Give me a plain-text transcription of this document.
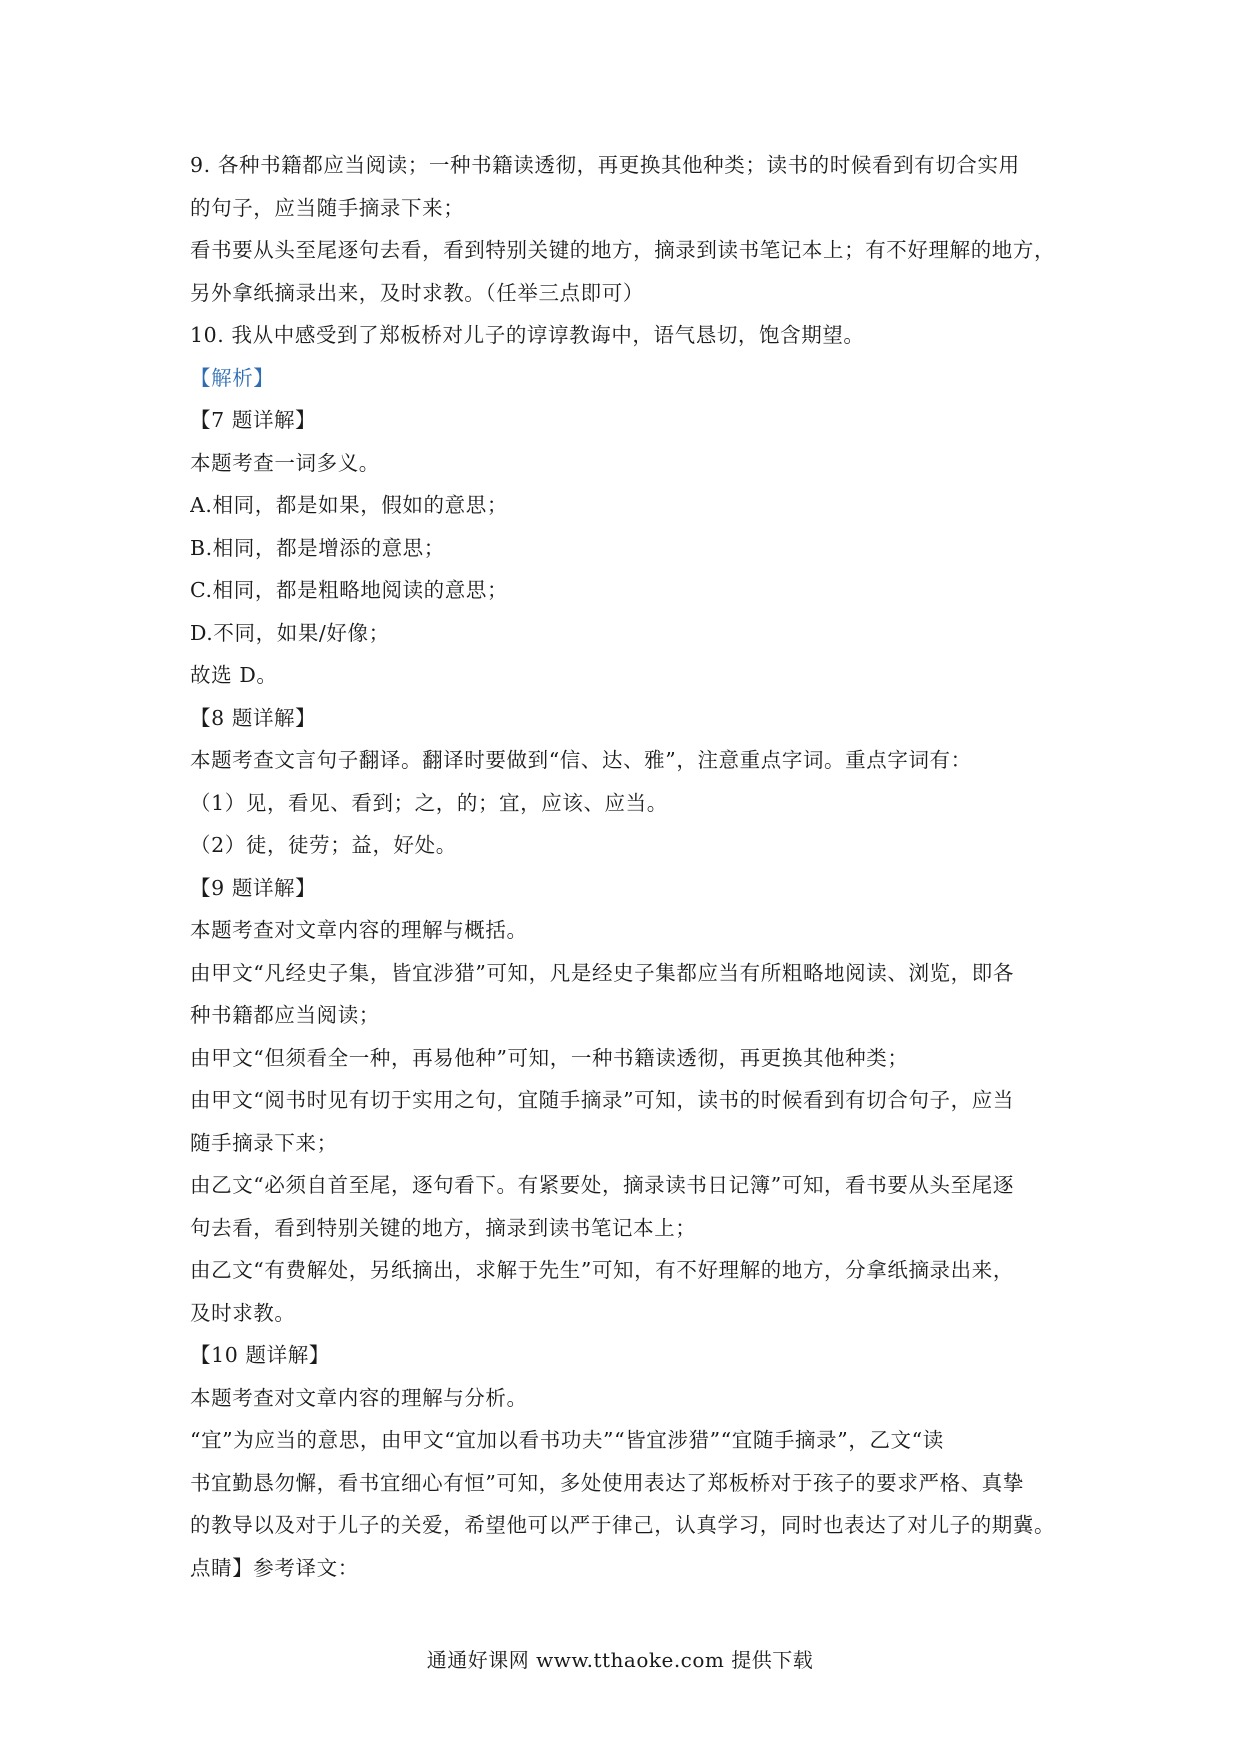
9. 各种书籍都应当阅读；一种书籍读透彻，再更换其他种类；读书的时候看到有切合实用
的句子，应当随手摘录下来；
看书要从头至尾逐句去看，看到特别关键的地方，摘录到读书笔记本上；有不好理解的地方，
另外拿纸摘录出来，及时求教。（任举三点即可）
10. 我从中感受到了郑板桥对儿子的谆谆教诲中，语气恳切，饱含期望。
【解析】
【7 题详解】
本题考查一词多义。
A.相同，都是如果，假如的意思；
B.相同，都是增添的意思；
C.相同，都是粗略地阅读的意思；
D.不同，如果/好像；
故选 D。
【8 题详解】
本题考查文言句子翻译。翻译时要做到“信、达、雅”，注意重点字词。重点字词有：
（1）见，看见、看到；之，的；宜，应该、应当。
（2）徒，徒劳；益，好处。
【9 题详解】
本题考查对文章内容的理解与概括。
由甲文“凡经史子集，皆宜涉猎”可知，凡是经史子集都应当有所粗略地阅读、浏览，即各
种书籍都应当阅读；
由甲文“但须看全一种，再易他种”可知，一种书籍读透彻，再更换其他种类；
由甲文“阅书时见有切于实用之句，宜随手摘录”可知，读书的时候看到有切合句子，应当
随手摘录下来；
由乙文“必须自首至尾，逐句看下。有紧要处，摘录读书日记簿”可知，看书要从头至尾逐
句去看，看到特别关键的地方，摘录到读书笔记本上；
由乙文“有费解处，另纸摘出，求解于先生”可知，有不好理解的地方，分拿纸摘录出来，
及时求教。
【10 题详解】
本题考查对文章内容的理解与分析。
“宜”为应当的意思，由甲文“宜加以看书功夫”“皆宜涉猎”“宜随手摘录”，乙文“读
书宜勤恳勿懈，看书宜细心有恒”可知，多处使用表达了郑板桥对于孩子的要求严格、真挚
的教导以及对于儿子的关爱，希望他可以严于律己，认真学习，同时也表达了对儿子的期冀。
点睛】参考译文：
通通好课网 www.tthaoke.com 提供下载
